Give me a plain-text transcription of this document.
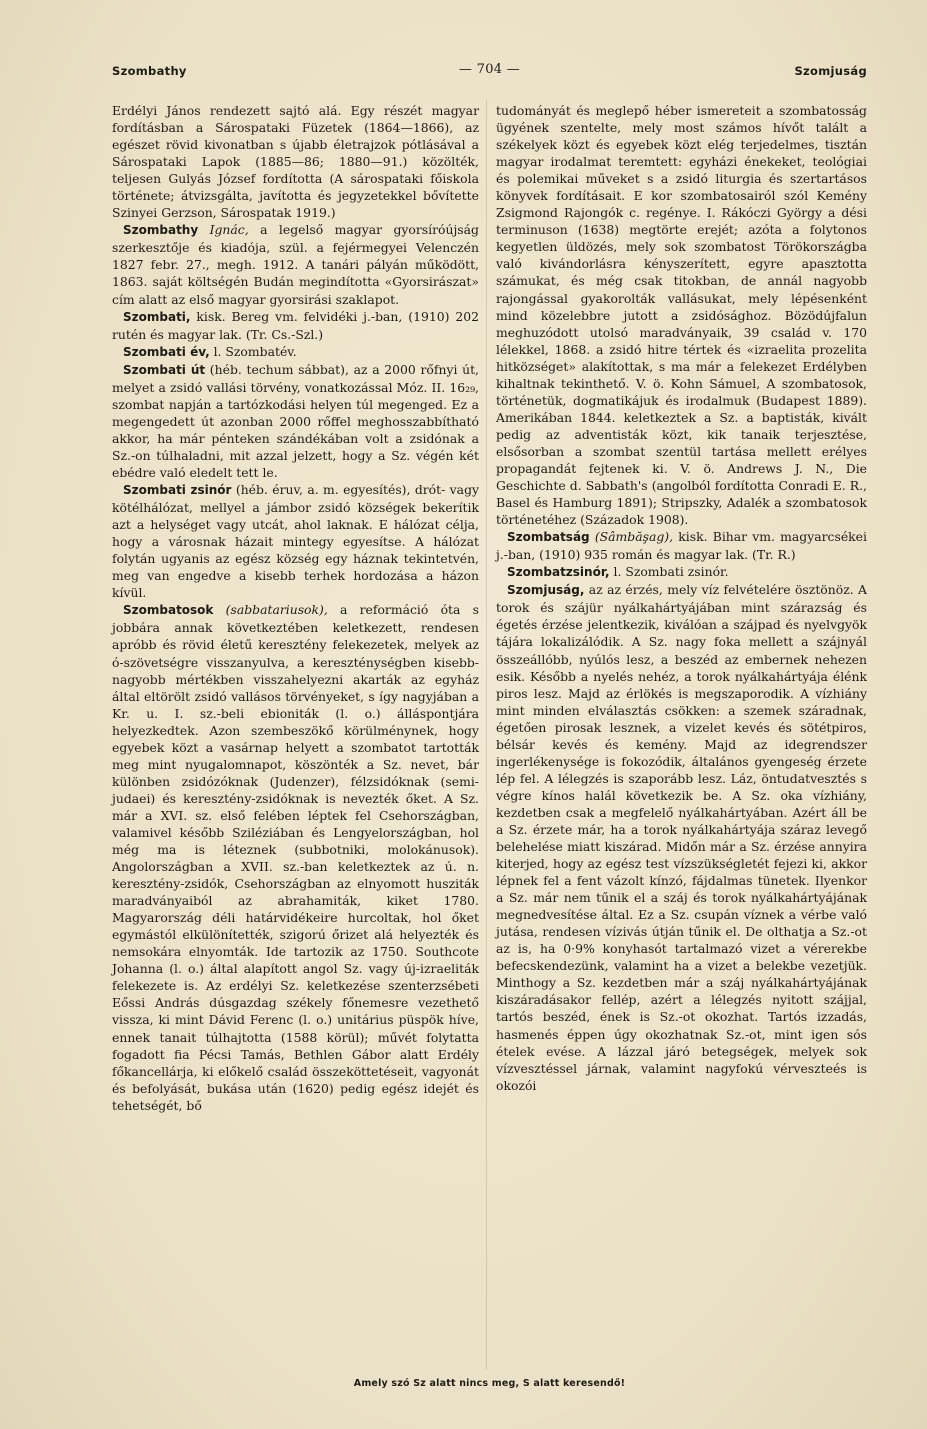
Szombathy	— 704 —	Szomjuság

Erdélyi János rendezett sajtó alá. Egy részét magyar fordításban a Sárospataki Füzetek (1864—1866), az egészet rövid kivonatban s újabb életrajzok pótlásával a Sárospataki Lapok (1885—86; 1880—91.) közölték, teljesen Gulyás József fordította (A sárospataki főiskola története; átvizsgálta, javította és jegyzetekkel bővítette Szinyei Gerzson, Sárospatak 1919.)

Szombathy Ignác, a legelső magyar gyorsíróújság szerkesztője és kiadója, szül. a fejérmegyei Velenczén 1827 febr. 27., megh. 1912. A tanári pályán működött, 1863. saját költségén Budán megindította «Gyorsirászat» cím alatt az első magyar gyorsirási szaklapot.

Szombati, kisk. Bereg vm. felvidéki j.-ban, (1910) 202 rutén és magyar lak. (Tr. Cs.-Szl.)

Szombati év, l. Szombatév.

Szombati út (héb. techum sábbat), az a 2000 rőfnyi út, melyet a zsidó vallási törvény, vonatkozással Móz. II. 16₂₉, szombat napján a tartózkodási helyen túl megenged. Ez a megengedett út azonban 2000 rőffel meghosszabbítható akkor, ha már pénteken szándékában volt a zsidónak a Sz.-on túlhaladni, mit azzal jelzett, hogy a Sz. végén két ebédre való eledelt tett le.

Szombati zsinór (héb. éruv, a. m. egyesítés), drót- vagy kötélhálózat, mellyel a jámbor zsidó községek bekerítik azt a helységet vagy utcát, ahol laknak. E hálózat célja, hogy a városnak házait mintegy egyesítse. A hálózat folytán ugyanis az egész község egy háznak tekintetvén, meg van engedve a kisebb terhek hordozása a házon kívül.

Szombatosok (sabbatariusok), a reformáció óta s jobbára annak következtében keletkezett, rendesen apróbb és rövid életű keresztény felekezetek, melyek az ó-szövetségre visszanyulva, a kereszténységben kisebb-nagyobb mértékben visszahelyezni akarták az egyház által eltörölt zsidó vallásos törvényeket, s így nagyjában a Kr. u. I. sz.-beli ebioniták (l. o.) álláspontjára helyezkedtek. Azon szembeszökő körülménynek, hogy egyebek közt a vasárnap helyett a szombatot tartották meg mint nyugalomnapot, köszönték a Sz. nevet, bár különben zsidózóknak (Judenzer), félzsidóknak (semi-judaei) és keresztény-zsidóknak is nevezték őket. A Sz. már a XVI. sz. első felében léptek fel Csehországban, valamivel később Sziléziában és Lengyelországban, hol még ma is léteznek (subbotniki, molokánusok). Angolországban a XVII. sz.-ban keletkeztek az ú. n. keresztény-zsidók, Csehországban az elnyomott husziták maradványaiból az abrahamiták, kiket 1780. Magyarország déli határvidékeire hurcoltak, hol őket egymástól elkülönítették, szigorú őrizet alá helyezték és nemsokára elnyomták. Ide tartozik az 1750. Southcote Johanna (l. o.) által alapított angol Sz. vagy új-izraeliták felekezete is. Az erdélyi Sz. keletkezése szenterzsébeti Eőssi András dúsgazdag székely főnemesre vezethető vissza, ki mint Dávid Ferenc (l. o.) unitárius püspök híve, ennek tanait túlhajtotta (1588 körül); művét folytatta fogadott fia Pécsi Tamás, Bethlen Gábor alatt Erdély főkancellárja, ki előkelő család összeköttetéseit, vagyonát és befolyását, bukása után (1620) pedig egész idejét és tehetségét, bő

tudományát és meglepő héber ismereteit a szombatosság ügyének szentelte, mely most számos hívőt talált a székelyek közt és egyebek közt elég terjedelmes, tisztán magyar irodalmat teremtett: egyházi énekeket, teológiai és polemikai műveket s a zsidó liturgia és szertartásos könyvek fordításait. E kor szombatosairól szól Kemény Zsigmond Rajongók c. regénye. I. Rákóczi György a dési terminuson (1638) megtörte erejét; azóta a folytonos kegyetlen üldözés, mely sok szombatost Törökországba való kivándorlásra kényszerített, egyre apasztotta számukat, és még csak titokban, de annál nagyobb rajongással gyakorolták vallásukat, mely lépésenként mind közelebbre jutott a zsidósághoz. Bözödújfalun meghuzódott utolsó maradványaik, 39 család v. 170 lélekkel, 1868. a zsidó hitre tértek és «izraelita prozelita hitközséget» alakítottak, s ma már a felekezet Erdélyben kihaltnak tekinthető. V. ö. Kohn Sámuel, A szombatosok, történetük, dogmatikájuk és irodalmuk (Budapest 1889). Amerikában 1844. keletkeztek a Sz. a baptisták, kivált pedig az adventisták közt, kik tanaik terjesztése, elsősorban a szombat szentül tartása mellett erélyes propagandát fejtenek ki. V. ö. Andrews J. N., Die Geschichte d. Sabbath's (angolból fordította Conradi E. R., Basel és Hamburg 1891); Stripszky, Adalék a szombatosok történetéhez (Századok 1908).

Szombatság (Sâmbăşag), kisk. Bihar vm. magyarcsékei j.-ban, (1910) 935 román és magyar lak. (Tr. R.)

Szombatzsinór, l. Szombati zsinór.

Szomjuság, az az érzés, mely víz felvételére ösztönöz. A torok és szájür nyálkahártyájában mint szárazság és égetés érzése jelentkezik, kiválóan a szájpad és nyelvgyök tájára lokalizálódik. A Sz. nagy foka mellett a szájnyál összeállóbb, nyúlós lesz, a beszéd az embernek nehezen esik. Később a nyelés nehéz, a torok nyálkahártyája élénk piros lesz. Majd az érlökés is megszaporodik. A vízhiány mint minden elválasztás csökken: a szemek száradnak, égetően pirosak lesznek, a vizelet kevés és sötétpiros, bélsár kevés és kemény. Majd az idegrendszer ingerlékenysége is fokozódik, általános gyengeség érzete lép fel. A lélegzés is szaporább lesz. Láz, öntudatvesztés s végre kínos halál következik be. A Sz. oka vízhiány, kezdetben csak a megfelelő nyálkahártyában. Azért áll be a Sz. érzete már, ha a torok nyálkahártyája száraz levegő belehelése miatt kiszárad. Midőn már a Sz. érzése annyira kiterjed, hogy az egész test vízszükségletét fejezi ki, akkor lépnek fel a fent vázolt kínzó, fájdalmas tünetek. Ilyenkor a Sz. már nem tűnik el a száj és torok nyálkahártyájának megnedvesítése által. Ez a Sz. csupán víznek a vérbe való jutása, rendesen vízivás útján tűnik el. De olthatja a Sz.-ot az is, ha 0·9% konyhasót tartalmazó vizet a vérerekbe befecskendezünk, valamint ha a vizet a belekbe vezetjük. Minthogy a Sz. kezdetben már a száj nyálkahártyájának kiszáradásakor fellép, azért a lélegzés nyitott szájjal, tartós beszéd, ének is Sz.-ot okozhat. Tartós izzadás, hasmenés éppen úgy okozhatnak Sz.-ot, mint igen sós ételek evése. A lázzal járó betegségek, melyek sok vízvesztéssel járnak, valamint nagyfokú vérveszteés is okozói

Amely szó Sz alatt nincs meg, S alatt keresendő!
